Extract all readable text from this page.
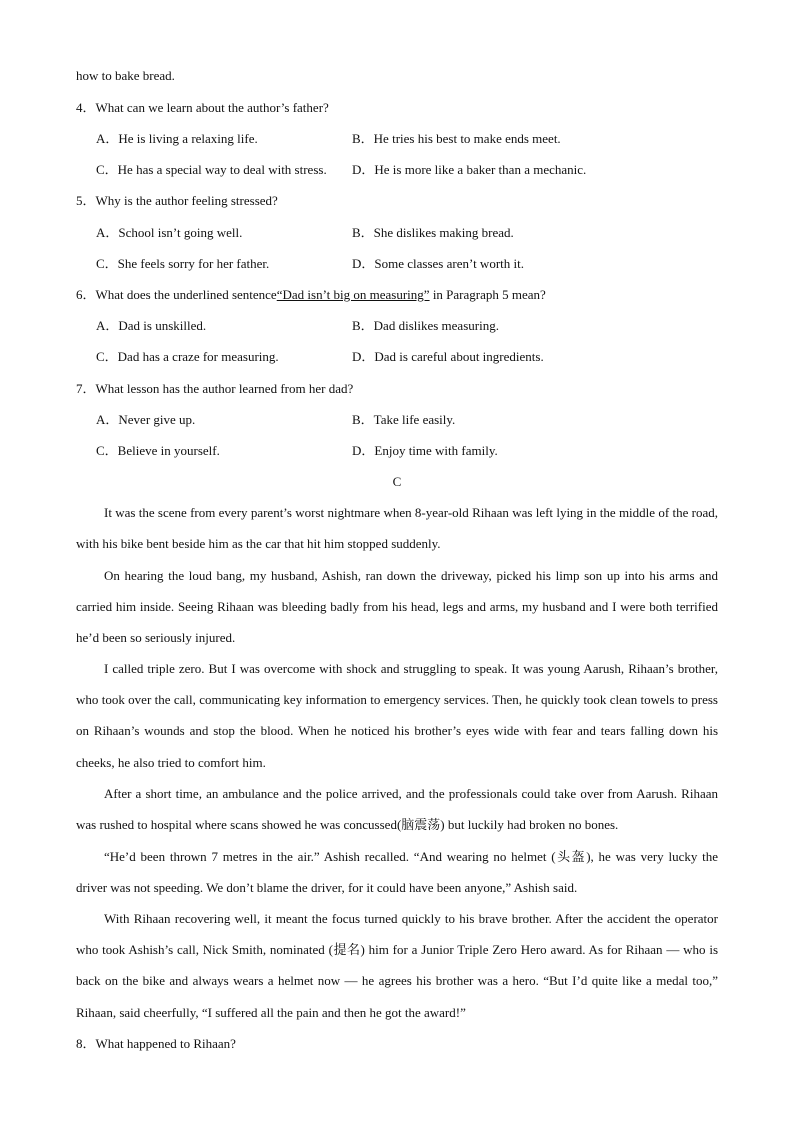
how to bake bread.
4．What can we learn about the author’s father?
A．He is living a relaxing life.	B．He tries his best to make ends meet.
C．He has a special way to deal with stress. D．He is more like a baker than a mechanic.
5．Why is the author feeling stressed?
A．School isn’t going well.	B．She dislikes making bread.
C．She feels sorry for her father.	D．Some classes aren’t worth it.
6．What does the underlined sentence“Dad isn’t big on measuring” in Paragraph 5 mean?
A．Dad is unskilled.	B．Dad dislikes measuring.
C．Dad has a craze for measuring.	D．Dad is careful about ingredients.
7．What lesson has the author learned from her dad?
A．Never give up.	B．Take life easily.
C．Believe in yourself.	D．Enjoy time with family.
C

It was the scene from every parent’s worst nightmare when 8-year-old Rihaan was left lying in the middle of the road, with his bike bent beside him as the car that hit him stopped suddenly.

On hearing the loud bang, my husband, Ashish, ran down the driveway, picked his limp son up into his arms and carried him inside. Seeing Rihaan was bleeding badly from his head, legs and arms, my husband and I were both terrified he’d been so seriously injured.

I called triple zero. But I was overcome with shock and struggling to speak. It was young Aarush, Rihaan’s brother, who took over the call, communicating key information to emergency services. Then, he quickly took clean towels to press on Rihaan’s wounds and stop the blood. When he noticed his brother’s eyes wide with fear and tears falling down his cheeks, he also tried to comfort him.

After a short time, an ambulance and the police arrived, and the professionals could take over from Aarush. Rihaan was rushed to hospital where scans showed he was concussed(脑震荡) but luckily had broken no bones.

“He’d been thrown 7 metres in the air.” Ashish recalled. “And wearing no helmet (头盔), he was very lucky the driver was not speeding. We don’t blame the driver, for it could have been anyone,” Ashish said.

With Rihaan recovering well, it meant the focus turned quickly to his brave brother. After the accident the operator who took Ashish’s call, Nick Smith, nominated (提名) him for a Junior Triple Zero Hero award. As for Rihaan — who is back on the bike and always wears a helmet now — he agrees his brother was a hero. “But I’d quite like a medal too,” Rihaan, said cheerfully, “I suffered all the pain and then he got the award!”

8．What happened to Rihaan?
